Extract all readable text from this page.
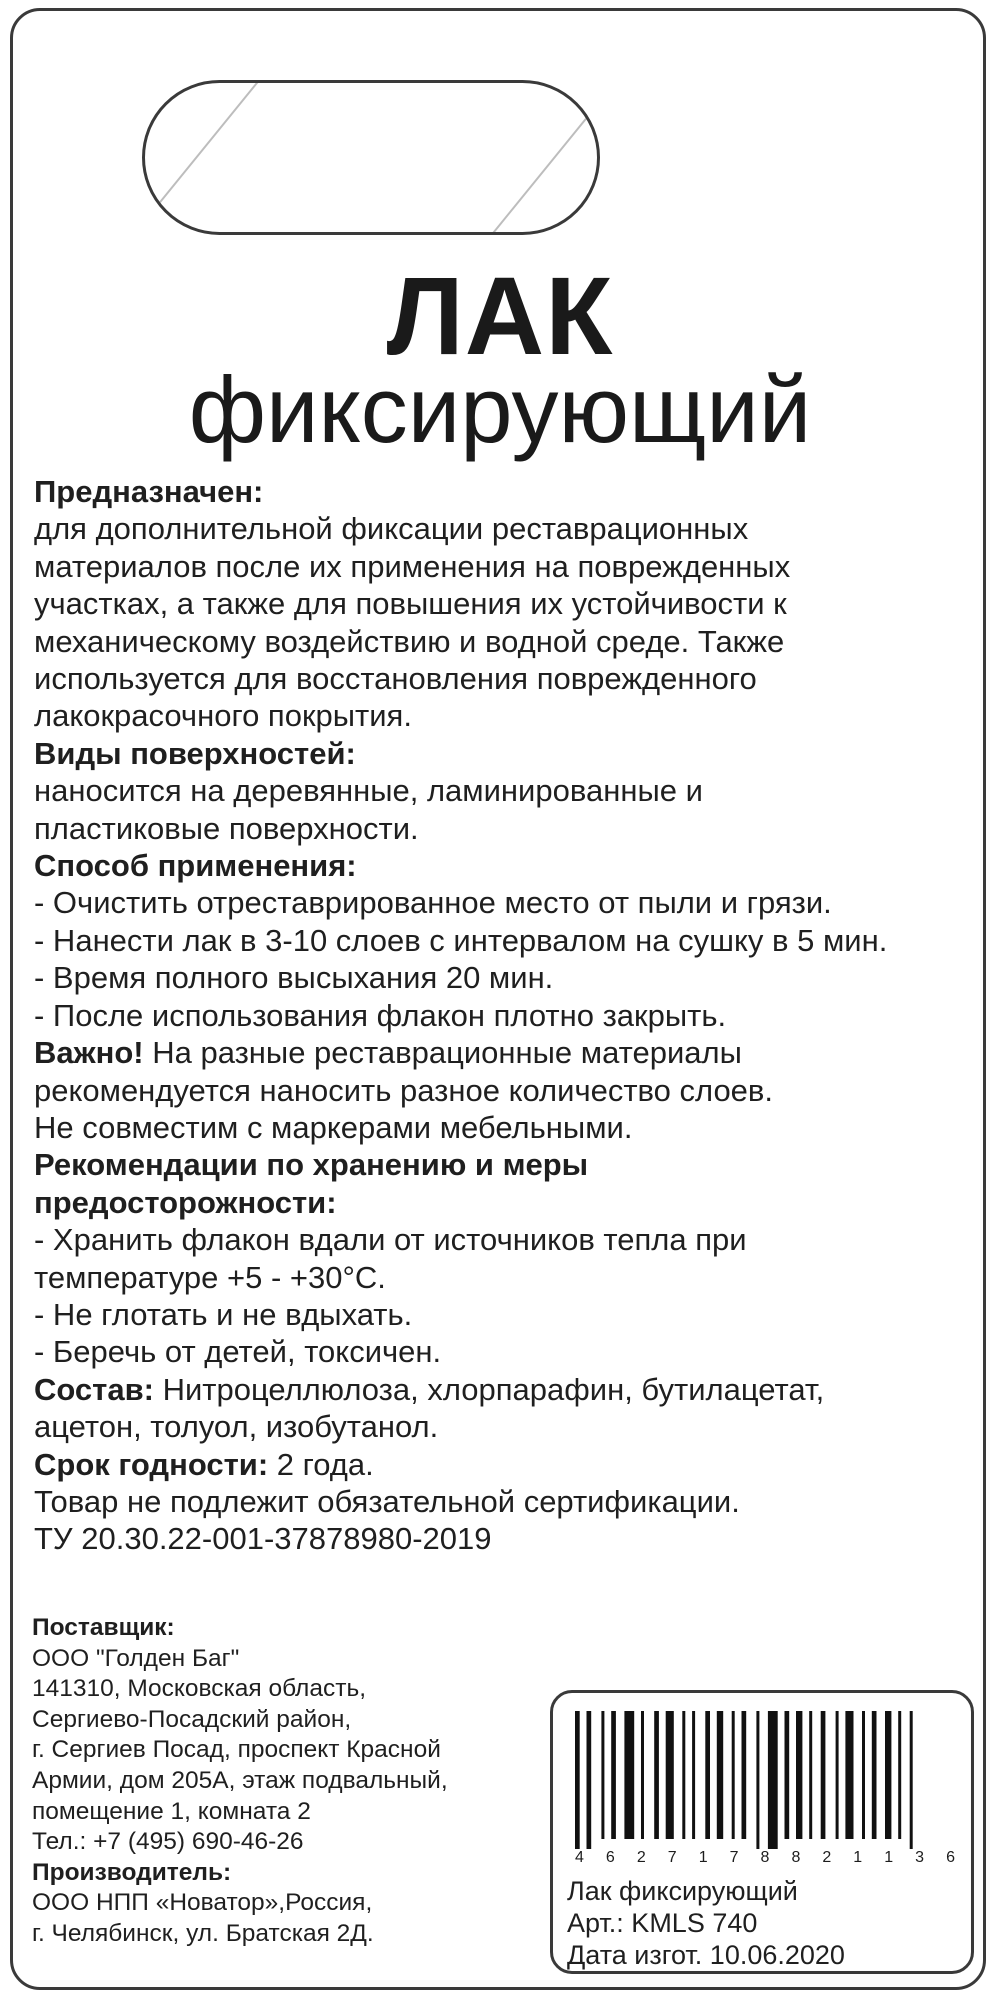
ЛАК
фиксирующий
Предназначен:
для дополнительной фиксации реставрационных
материалов после их применения на поврежденных
участках, а также для повышения их устойчивости к
механическому воздействию и водной среде. Также
используется для восстановления поврежденного
лакокрасочного покрытия.
Виды поверхностей:
наносится на деревянные, ламинированные и
пластиковые поверхности.
Способ применения:
- Очистить отреставрированное место от пыли и грязи.
- Нанести лак в 3-10 слоев с интервалом на сушку в 5 мин.
- Время полного высыхания 20 мин.
- После использования флакон плотно закрыть.
Важно! На разные реставрационные материалы
рекомендуется наносить разное количество слоев.
Не совместим с маркерами мебельными.
Рекомендации по хранению и меры
предосторожности:
- Хранить флакон вдали от источников тепла при
температуре +5 - +30°C.
- Не глотать и не вдыхать.
- Беречь от детей, токсичен.
Состав: Нитроцеллюлоза, хлорпарафин, бутилацетат,
ацетон, толуол, изобутанол.
Срок годности: 2 года.
Товар не подлежит обязательной сертификации.
ТУ 20.30.22-001-37878980-2019
Поставщик:
ООО "Голден Баг"
141310, Московская область,
Сергиево-Посадский район,
г. Сергиев Посад, проспект Красной
Армии, дом 205А, этаж подвальный,
помещение 1, комната 2
Тел.: +7 (495) 690-46-26
Производитель:
ООО НПП «Новатор»,Россия,
г. Челябинск, ул. Братская 2Д.
4 6 2 7 1 7 8 8 2 1 1 3 6
Лак фиксирующий
Арт.: KMLS 740
Дата изгот. 10.06.2020
